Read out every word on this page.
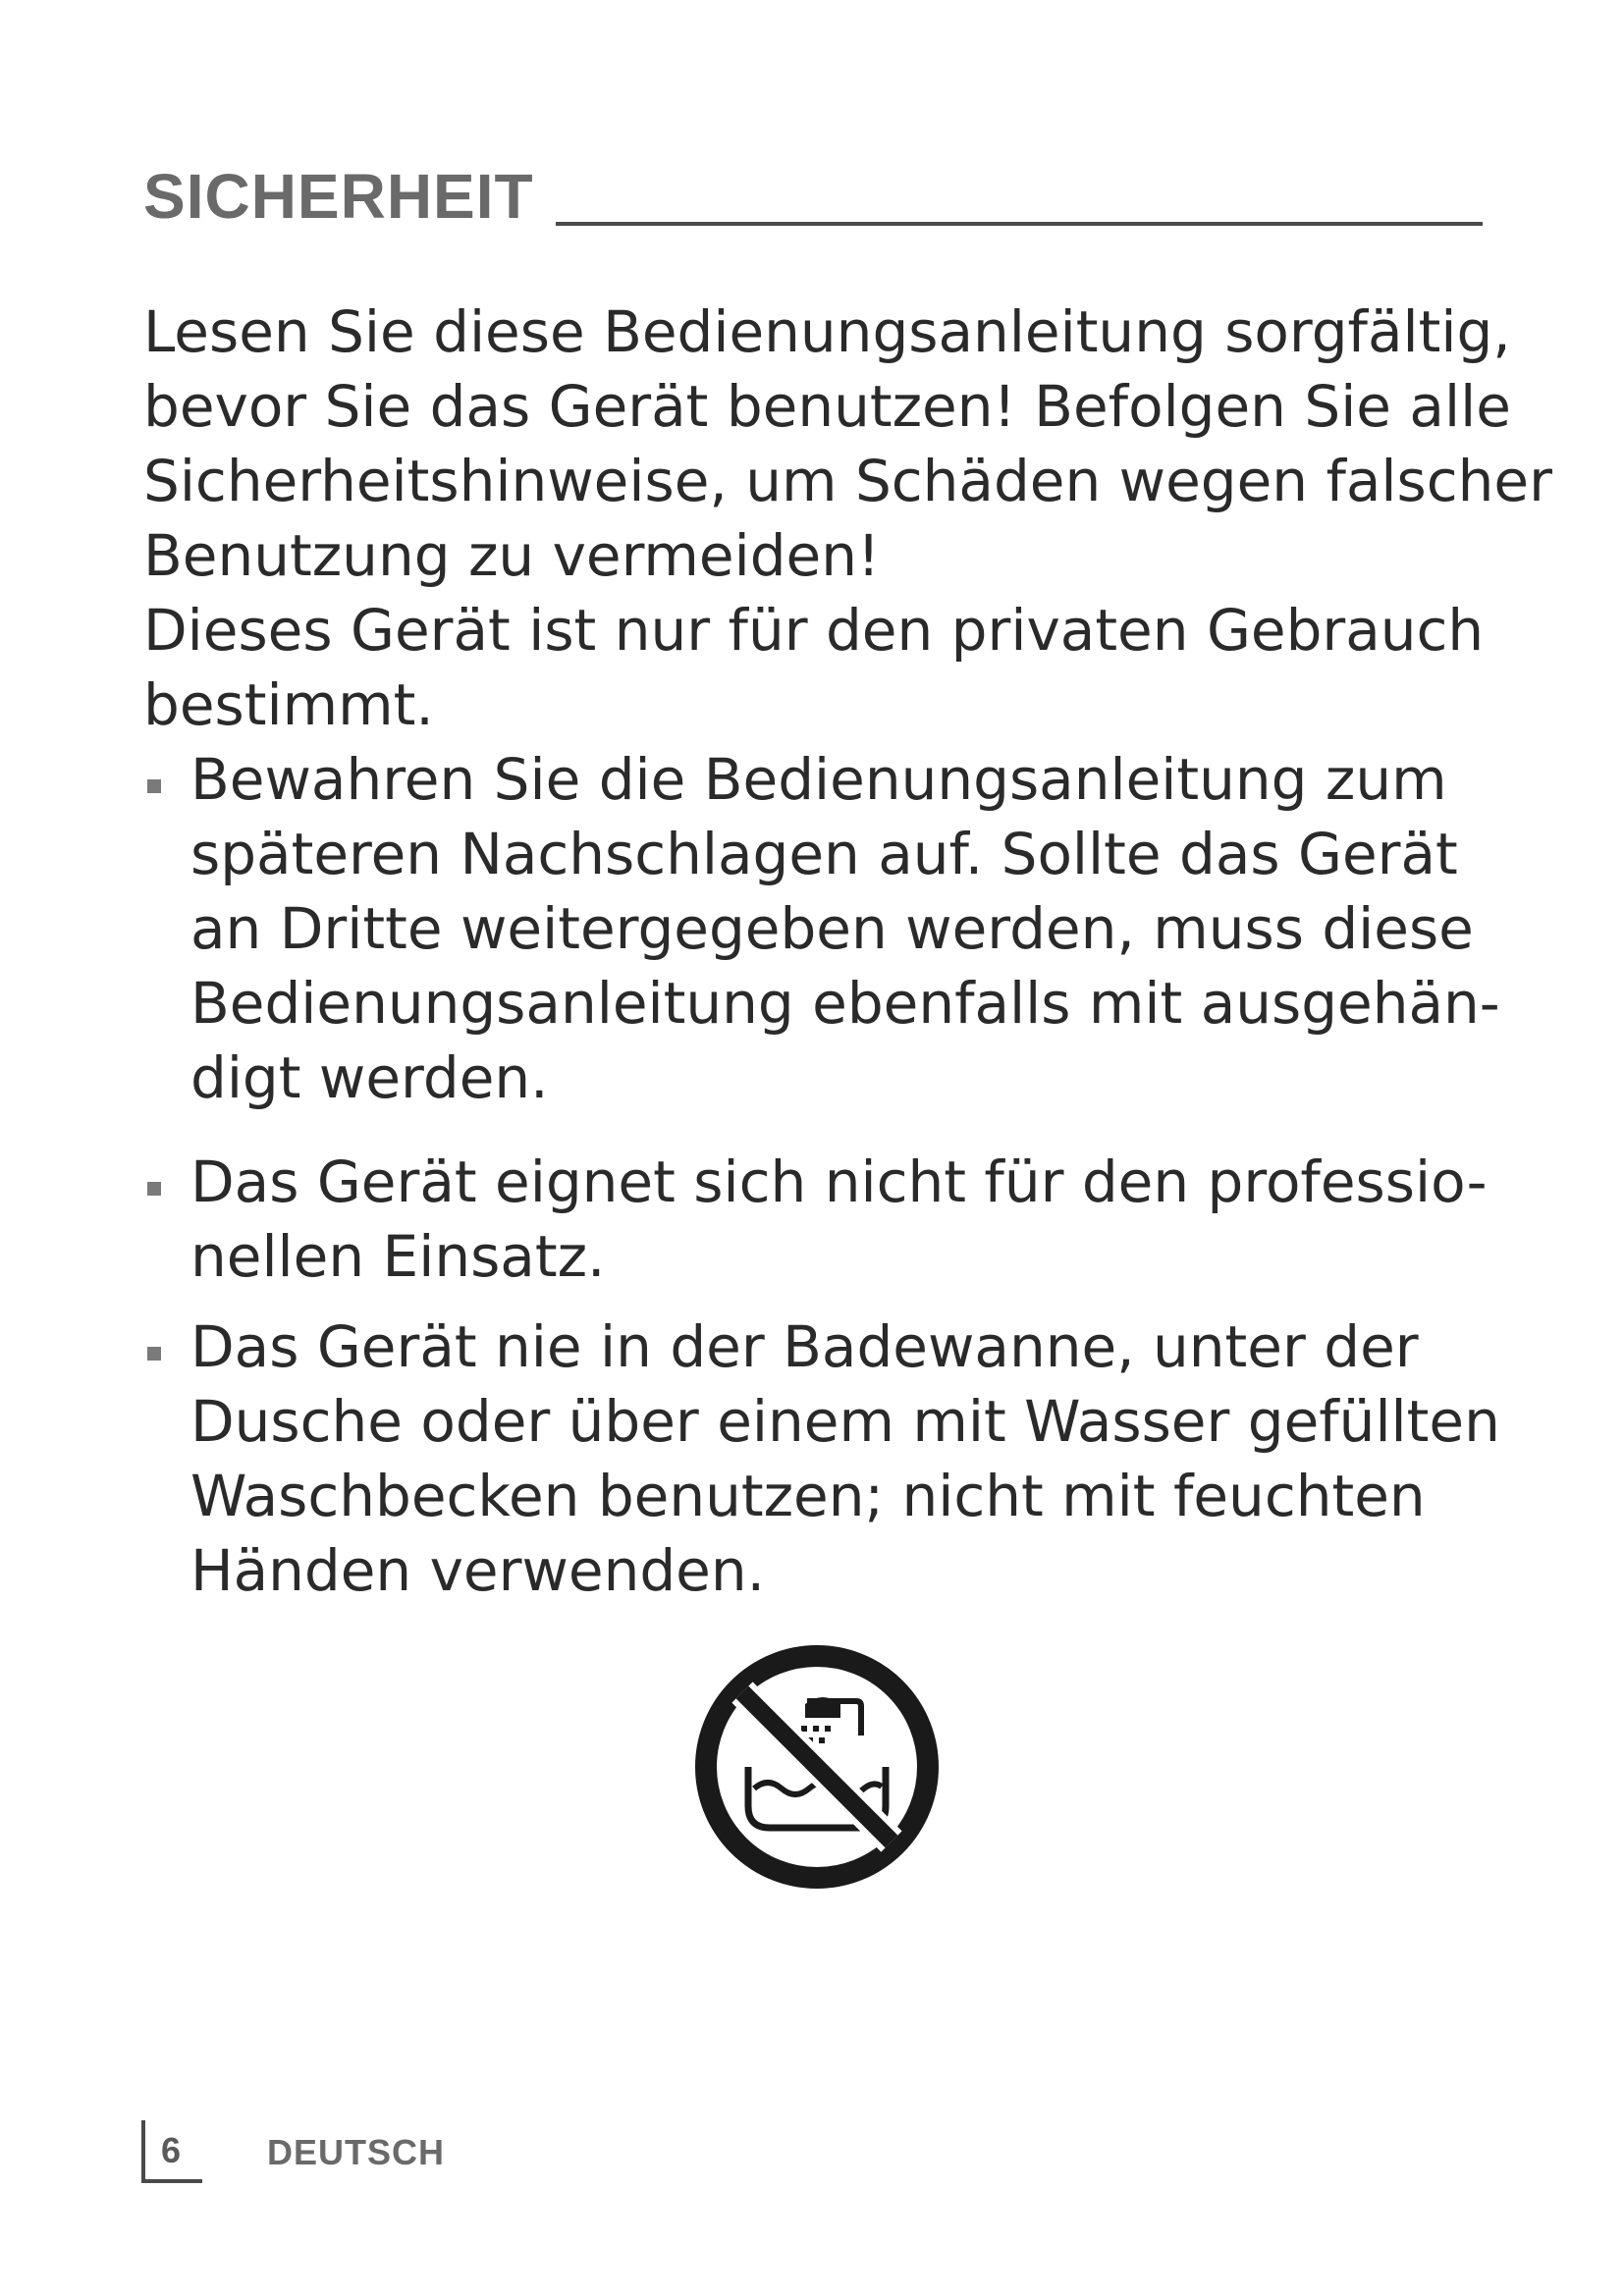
SICHERHEIT
Lesen Sie diese Bedienungsanleitung sorgfältig,
bevor Sie das Gerät benutzen! Befolgen Sie alle
Sicherheitshinweise, um Schäden wegen falscher
Benutzung zu vermeiden!
Dieses Gerät ist nur für den privaten Gebrauch
bestimmt.
Bewahren Sie die Bedienungsanleitung zum
späteren Nachschlagen auf. Sollte das Gerät
an Dritte weitergegeben werden, muss diese
Bedienungsanleitung ebenfalls mit ausgehän-
digt werden.
Das Gerät eignet sich nicht für den professio-
nellen Einsatz.
Das Gerät nie in der Badewanne, unter der
Dusche oder über einem mit Wasser gefüllten
Waschbecken benutzen; nicht mit feuchten
Händen verwenden.
6 DEUTSCH
